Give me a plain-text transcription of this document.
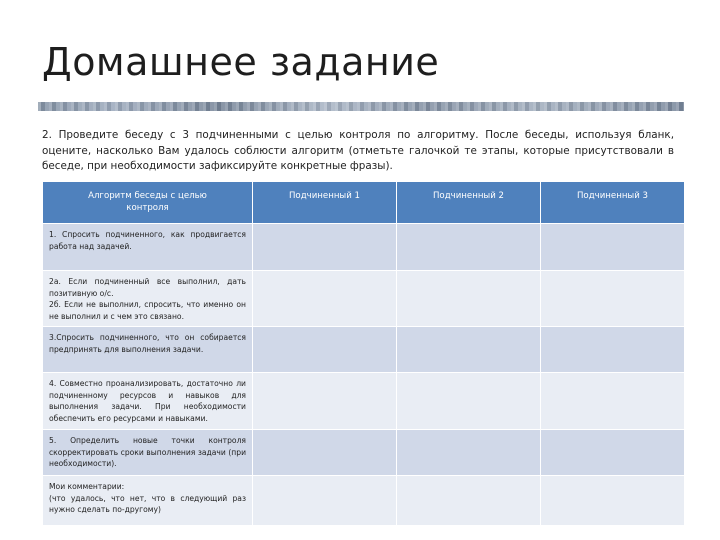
Домашнее задание
2. Проведите беседу с 3 подчиненными с целью контроля по алгоритму. После беседы, используя бланк, оцените, насколько Вам удалось соблюсти алгоритм (отметьте галочкой те этапы, которые присутствовали в беседе, при необходимости зафиксируйте конкретные фразы).
Алгоритм беседы с целью контроля	Подчиненный 1	Подчиненный 2	Подчиненный 3
1. Спросить подчиненного, как продвигается работа над задачей.			
2а. Если подчиненный все выполнил, дать позитивную о/с.
2б. Если не выполнил, спросить, что именно он не выполнил и с чем это связано.			
3.Спросить подчиненного, что он собирается предпринять для выполнения задачи.			
4. Совместно проанализировать, достаточно ли подчиненному ресурсов и навыков для выполнения задачи. При необходимости обеспечить его ресурсами и навыками.			
5. Определить новые точки контроля скорректировать сроки выполнения задачи (при необходимости).			
Мои комментарии:
(что удалось, что нет, что в следующий раз нужно сделать по-другому)			
